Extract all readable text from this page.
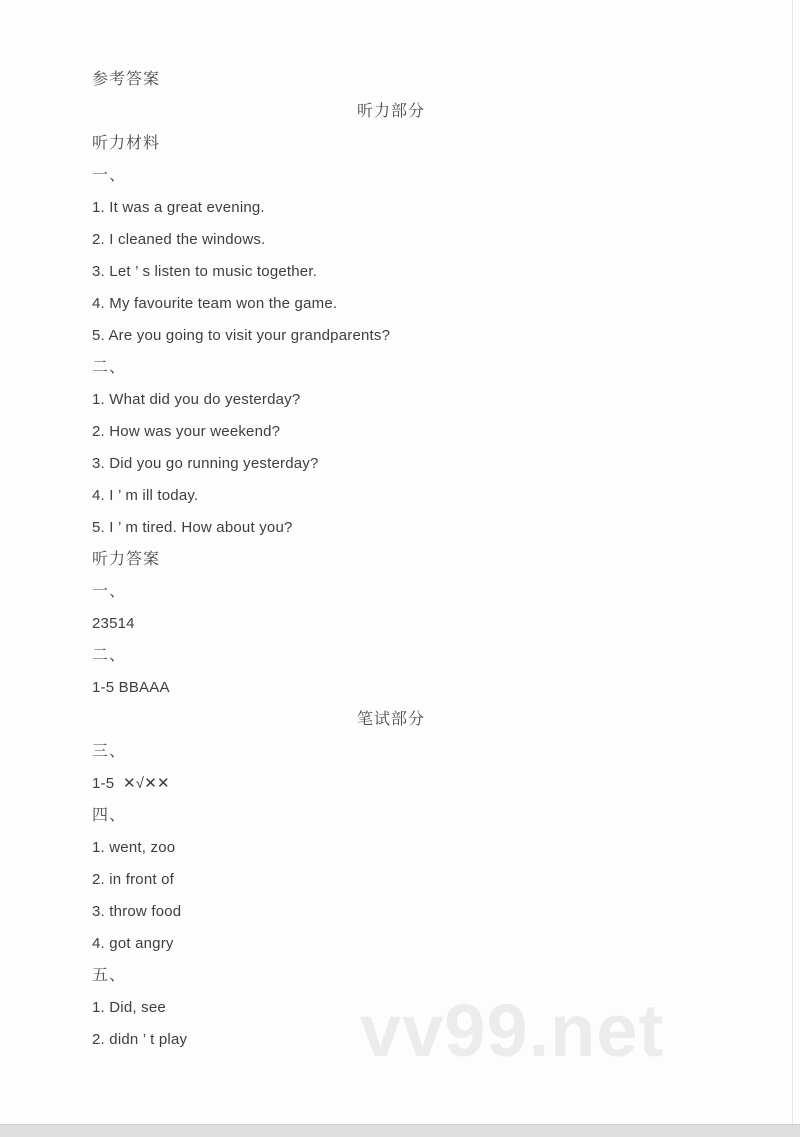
vv99.net

参考答案

听力部分

听力材料

一、

1. It was a great evening.

2. I cleaned the windows.

3. Let ’ s listen to music together.

4. My favourite team won the game.

5. Are you going to visit your grandparents?

二、

1. What did you do yesterday?

2. How was your weekend?

3. Did you go running yesterday?

4. I ’ m ill today.

5. I ’ m tired. How about you?

听力答案

一、

23514

二、

1-5 BBAAA

笔试部分

三、

1-5  ✕√✕✕

四、

1. went, zoo

2. in front of

3. throw food

4. got angry

五、

1. Did, see

2. didn ’ t play
